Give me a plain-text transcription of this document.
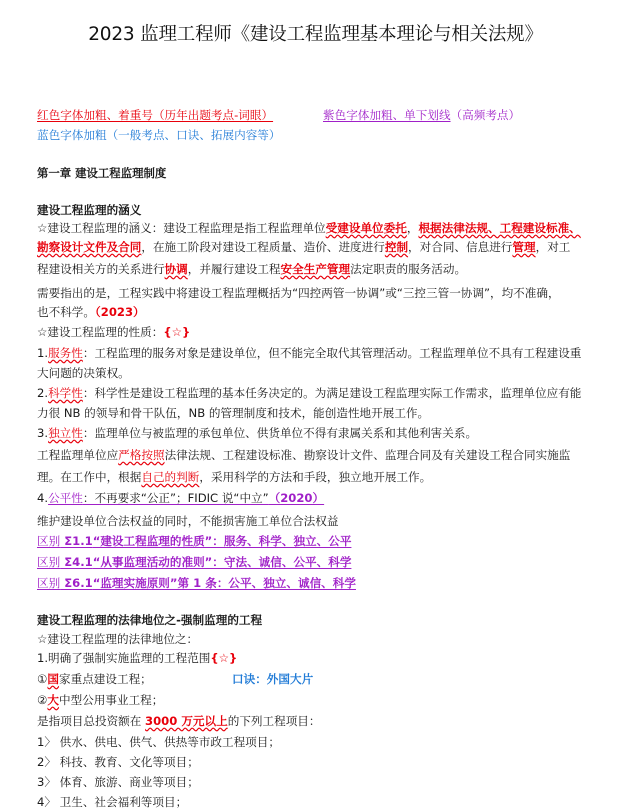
2023 监理工程师《建设工程监理基本理论与相关法规》
红色字体加粗、着重号（历年出题考点-词眼）	紫色字体加粗、单下划线（高频考点）
蓝色字体加粗（一般考点、口诀、拓展内容等）
第一章 建设工程监理制度
建设工程监理的涵义
☆建设工程监理的涵义：建设工程监理是指工程监理单位受建设单位委托，根据法律法规、工程建设标准、
勘察设计文件及合同，在施工阶段对建设工程质量、造价、进度进行控制，对合同、信息进行管理，对工
程建设相关方的关系进行协调，并履行建设工程安全生产管理法定职责的服务活动。
需要指出的是，工程实践中将建设工程监理概括为“四控两管一协调”或“三控三管一协调”，均不准确，
也不科学。（2023）
☆建设工程监理的性质：{☆}
1.服务性：工程监理的服务对象是建设单位，但不能完全取代其管理活动。工程监理单位不具有工程建设重
大问题的决策权。
2.科学性：科学性是建设工程监理的基本任务决定的。为满足建设工程监理实际工作需求，监理单位应有能
力很 NB 的领导和骨干队伍，NB 的管理制度和技术，能创造性地开展工作。
3.独立性：监理单位与被监理的承包单位、供货单位不得有隶属关系和其他利害关系。
工程监理单位应严格按照法律法规、工程建设标准、勘察设计文件、监理合同及有关建设工程合同实施监
理。在工作中，根据自己的判断，采用科学的方法和手段，独立地开展工作。
4.公平性：不再要求“公正”；FIDIC 说“中立”（2020）
维护建设单位合法权益的同时，不能损害施工单位合法权益
区别 Σ1.1“建设工程监理的性质”：服务、科学、独立、公平
区别 Σ4.1“从事监理活动的准则”：守法、诚信、公平、科学
区别 Σ6.1“监理实施原则”第 1 条：公平、独立、诚信、科学
建设工程监理的法律地位之-强制监理的工程
☆建设工程监理的法律地位之：
1.明确了强制实施监理的工程范围{☆}
①国家重点建设工程；	口诀：外国大片
②大中型公用事业工程；
是指项目总投资额在 3000 万元以上的下列工程项目：
1〉 供水、供电、供气、供热等市政工程项目；
2〉 科技、教育、文化等项目；
3〉 体育、旅游、商业等项目；
4〉 卫生、社会福利等项目；
